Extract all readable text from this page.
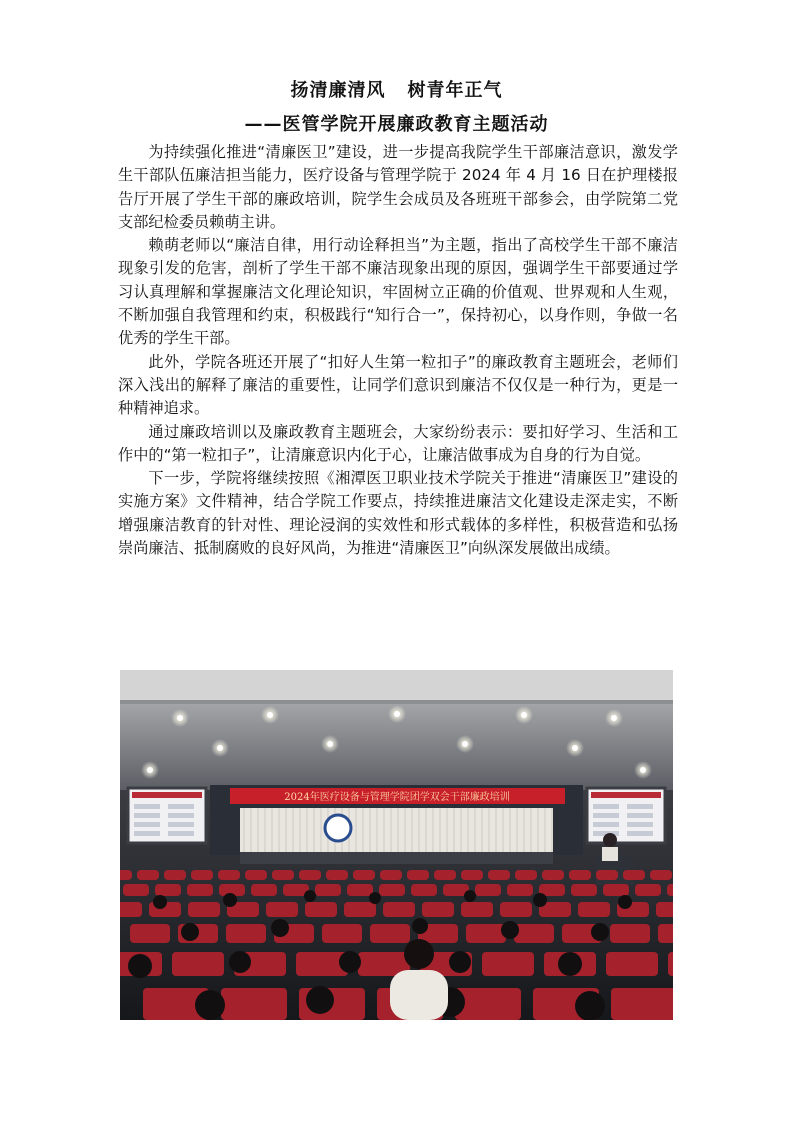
扬清廉清风 树青年正气
——医管学院开展廉政教育主题活动

为持续强化推进“清廉医卫”建设，进一步提高我院学生干部廉洁意识，激发学生干部队伍廉洁担当能力，医疗设备与管理学院于 2024 年 4 月 16 日在护理楼报告厅开展了学生干部的廉政培训，院学生会成员及各班班干部参会，由学院第二党支部纪检委员赖萌主讲。

赖萌老师以“廉洁自律，用行动诠释担当”为主题，指出了高校学生干部不廉洁现象引发的危害，剖析了学生干部不廉洁现象出现的原因，强调学生干部要通过学习认真理解和掌握廉洁文化理论知识，牢固树立正确的价值观、世界观和人生观，不断加强自我管理和约束，积极践行“知行合一”，保持初心，以身作则，争做一名优秀的学生干部。

此外，学院各班还开展了“扣好人生第一粒扣子”的廉政教育主题班会，老师们深入浅出的解释了廉洁的重要性，让同学们意识到廉洁不仅仅是一种行为，更是一种精神追求。

通过廉政培训以及廉政教育主题班会，大家纷纷表示：要扣好学习、生活和工作中的“第一粒扣子”，让清廉意识内化于心，让廉洁做事成为自身的行为自觉。

下一步，学院将继续按照《湘潭医卫职业技术学院关于推进“清廉医卫”建设的实施方案》文件精神，结合学院工作要点，持续推进廉洁文化建设走深走实，不断增强廉洁教育的针对性、理论浸润的实效性和形式载体的多样性，积极营造和弘扬崇尚廉洁、抵制腐败的良好风尚，为推进“清廉医卫”向纵深发展做出成绩。

2024年医疗设备与管理学院团学双会干部廉政培训
